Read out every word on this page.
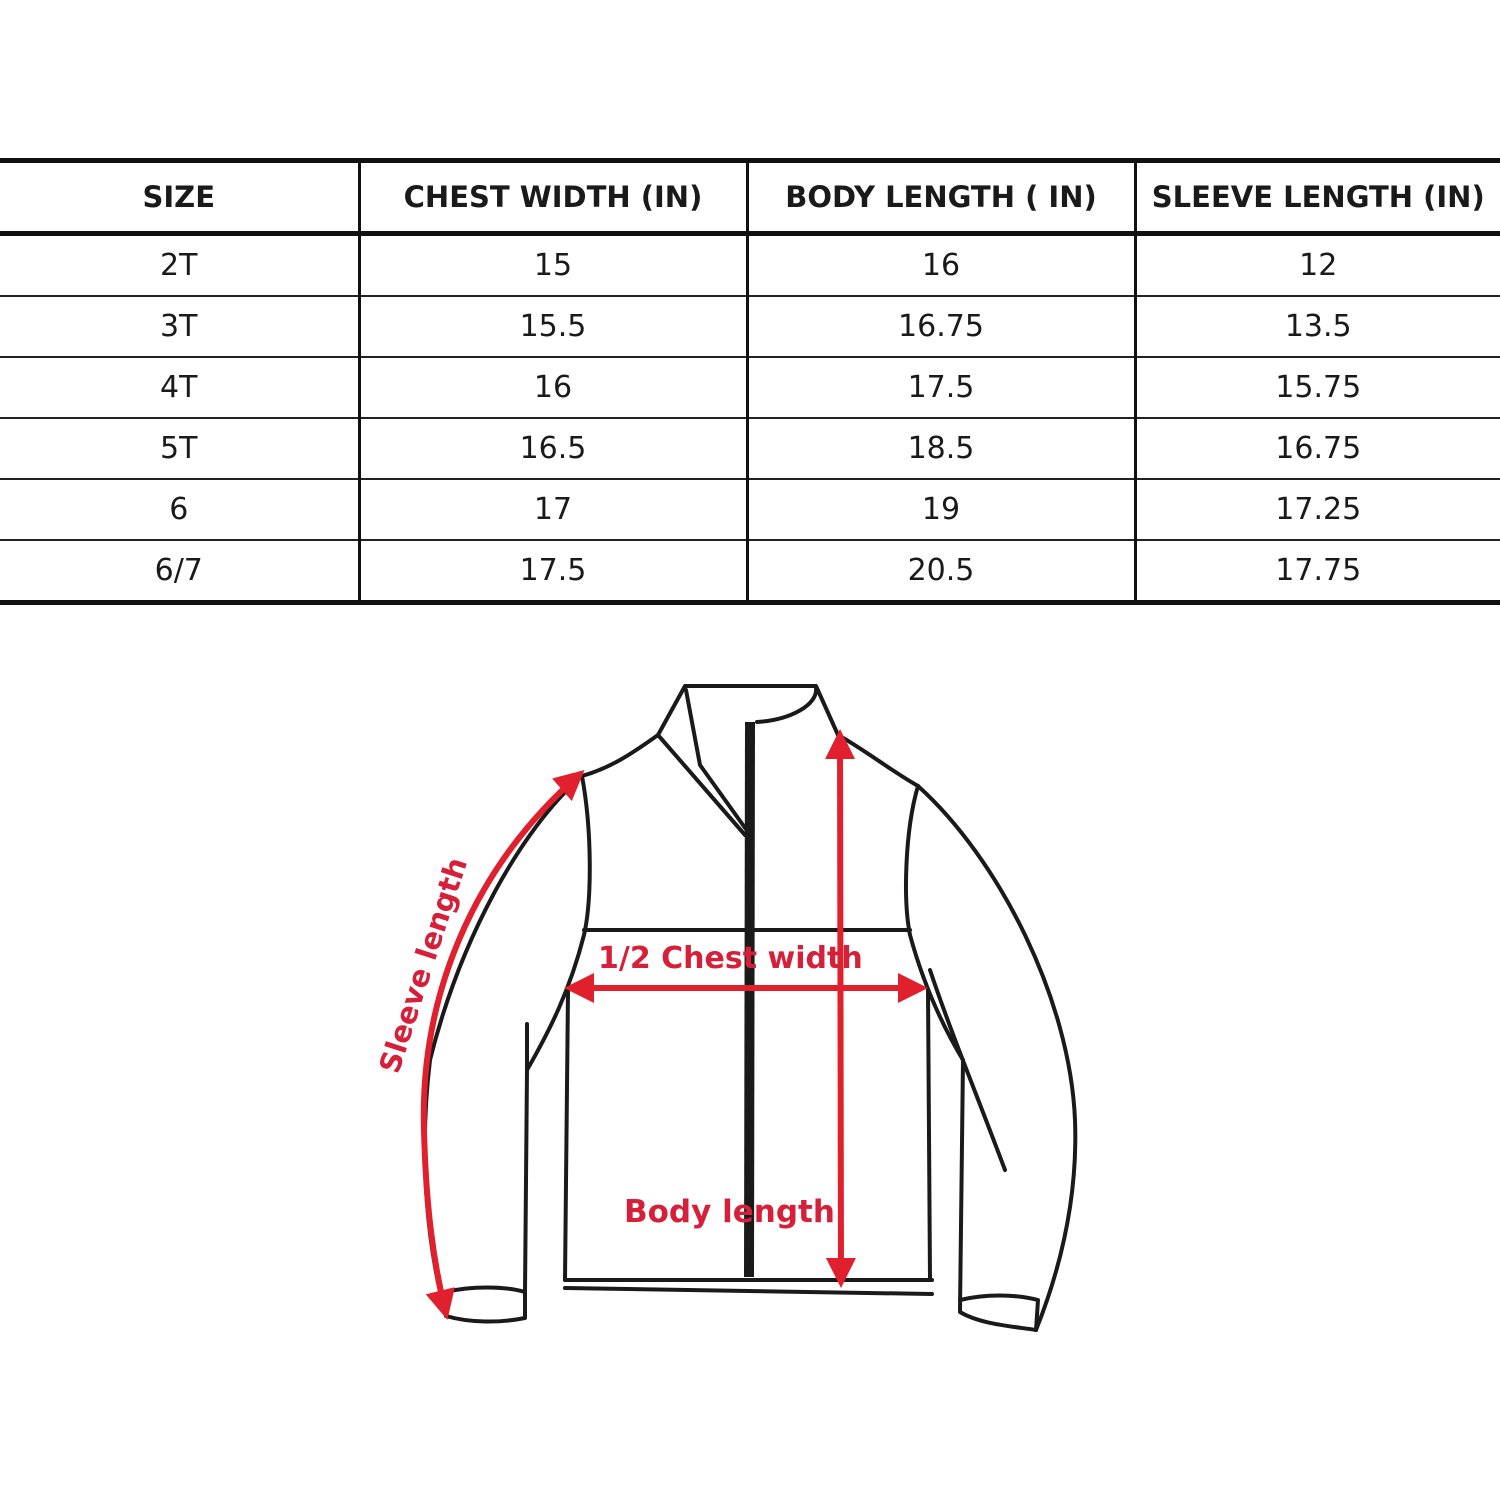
SIZE	CHEST WIDTH (IN)	BODY LENGTH ( IN)	SLEEVE LENGTH (IN)
2T	15	16	12
3T	15.5	16.75	13.5
4T	16	17.5	15.75
5T	16.5	18.5	16.75
6	17	19	17.25
6/7	17.5	20.5	17.75
Sleeve length	1/2 Chest width
Body length
